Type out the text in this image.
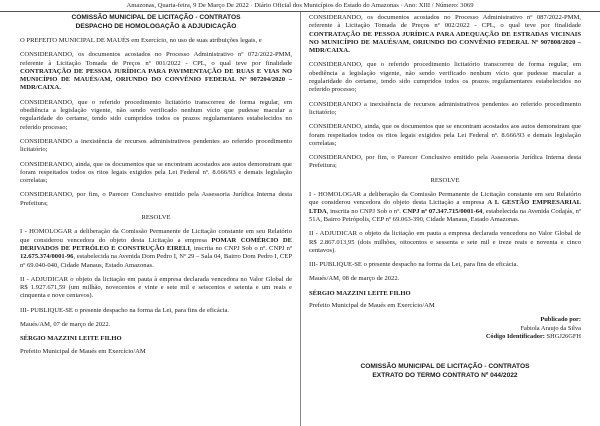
Amazonas, Quarta-feira, 9 De Março De 2022 · Diário Oficial dos Municípios do Estado do Amazonas · Ano: XIII / Número: 3069
COMISSÃO MUNICIPAL DE LICITAÇÃO - CONTRATOS
DESPACHO DE HOMOLOGAÇÃO & ADJUDICAÇÃO

O PREFEITO MUNICIPAL DE MAUÉS em Exercício, no uso de suas atribuições legais, e

CONSIDERANDO, os documentos acostados no Processo Administrativo nº 072/2022-PMM, referente à Licitação Tomada de Preços nº 001/2022 - CPL, o qual teve por finalidade CONTRATAÇÃO DE PESSOA JURÍDICA PARA PAVIMENTAÇÃO DE RUAS E VIAS NO MUNICÍPIO DE MAUÉS/AM, ORIUNDO DO CONVÊNIO FEDERAL Nº 907204/2020 – MDR/CAIXA.

CONSIDERANDO, que o referido procedimento licitatório transcorreu de forma regular, em obediência a legislação vigente, não sendo verificado nenhum vício que pudesse macular a regularidade do certame, tendo sido cumpridos todos os prazos regulamentares estabelecidos no referido processo;

CONSIDERANDO a inexistência de recursos administrativos pendentes ao referido procedimento licitatório;

CONSIDERANDO, ainda, que os documentos que se encontram acostados aos autos demonstram que foram respeitados todos os ritos legais exigidos pela Lei Federal nº. 8.666/93 e demais legislação correlatas;

CONSIDERANDO, por fim, o Parecer Conclusivo emitido pela Assessoria Jurídica Interna desta Prefeitura;

RESOLVE

I - HOMOLOGAR a deliberação da Comissão Permanente de Licitação constante em seu Relatório que considerou vencedora do objeto desta Licitação a empresa POMAR COMÉRCIO DE DERIVADOS DE PETRÓLEO E CONSTRUÇÃO EIRELI, inscrita no CNPJ Sob o nº. CNPJ nº 12.675.374/0001-96, estabelecida na Avenida Dom Pedro I, Nº 29 – Sala 04, Bairro Dom Pedro I, CEP nº 69.040-040, Cidade Manaus, Estado Amazonas.

II - ADJUDICAR o objeto da licitação em pauta à empresa declarada vencedora no Valor Global de R$ 1.927.671,59 (um milhão, novecentos e vinte e sete mil e seiscentos e setenta e um reais e cinquenta e nove centavos).

III- PUBLIQUE-SE o presente despacho na forma da Lei, para fins de eficácia.

Maués/AM, 07 de março de 2022.

SÉRGIO MAZZINI LEITE FILHO
Prefeito Municipal de Maués em Exercício/AM

CONSIDERANDO, os documentos acostados no Processo Administrativo nº 087/2022-PMM, referente à Licitação Tomada de Preços nº 002/2022 - CPL, o qual teve por finalidade CONTRATAÇÃO DE PESSOA JURÍDICA PARA ADEQUAÇÃO DE ESTRADAS VICINAIS NO MUNICÍPIO DE MAUÉS/AM, ORIUNDO DO CONVÊNIO FEDERAL Nº 907808/2020 – MDR/CAIXA.

CONSIDERANDO, que o referido procedimento licitatório transcorreu de forma regular, em obediência a legislação vigente, não sendo verificado nenhum vício que pudesse macular a regularidade do certame, tendo sido cumpridos todos os prazos regulamentares estabelecidos no referido processo;

CONSIDERANDO a inexistência de recursos administrativos pendentes ao referido procedimento licitatório;

CONSIDERANDO, ainda, que os documentos que se encontram acostados aos autos demonstram que foram respeitados todos os ritos legais exigidos pela Lei Federal nº. 8.666/93 e demais legislação correlatas;

CONSIDERANDO, por fim, o Parecer Conclusivo emitido pela Assessoria Jurídica Interna desta Prefeitura;

RESOLVE

I - HOMOLOGAR a deliberação da Comissão Permanente de Licitação constante em seu Relatório que considerou vencedora do objeto desta Licitação a empresa A L GESTÃO EMPRESARIAL LTDA, inscrita no CNPJ Sob o nº. CNPJ nº 07.347.715/0001-64, estabelecida na Avenida Codajás, nº 51A, Bairro Petrópolis, CEP nº 69.063-390, Cidade Manaus, Estado Amazonas.

II - ADJUDICAR o objeto da licitação em pauta a empresa declarada vencedora no Valor Global de R$ 2.867.013,95 (dois milhões, oitocentos e sessenta e sete mil e treze reais e noventa e cinco centavos).

III- PUBLIQUE-SE o presente despacho na forma da Lei, para fins de eficácia.

Maués/AM, 08 de março de 2022.

SÉRGIO MAZZINI LEITE FILHO
Prefeito Municipal de Maués em Exercício/AM
Publicado por:
Fabiola Araujo da Silva
Código Identificador: SHGJ26GFH
COMISSÃO MUNICIPAL DE LICITAÇÃO - CONTRATOS
EXTRATO DO TERMO CONTRATO Nº 044/2022
